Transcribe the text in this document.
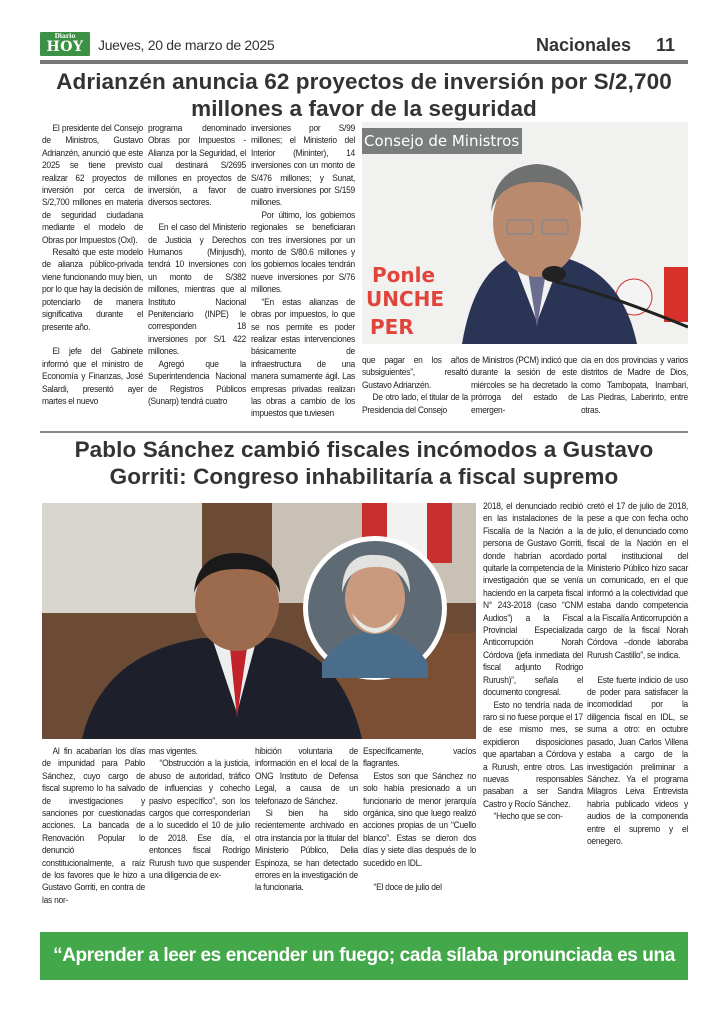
Diario
HOY	Jueves, 20 de marzo de 2025	Nacionales 11
Adrianzén anuncia 62 proyectos de inversión por S/2,700 millones a favor de la seguridad

El presidente del Consejo de Ministros, Gustavo Adrianzén, anunció que este 2025 se tiene previsto realizar 62 proyectos de inversión por cerca de S/2,700 millones en materia de seguridad ciudadana mediante el modelo de Obras por Impuestos (OxI).

Resaltó que este modelo de alianza público-privada viene funcionando muy bien, por lo que hay la decisión de potenciarlo de manera significativa durante el presente año.

El jefe del Gabinete informó que el ministro de Economía y Finanzas, José Salardi, presentó ayer martes el nuevo

programa denominado Obras por Impuestos - Alianza por la Seguridad, el cual destinará S/2695 millones en proyectos de inversión, a favor de diversos sectores.

En el caso del Ministerio de Justicia y Derechos Humanos (Minjusdh), tendrá 10 inversiones con un monto de S/382 millones, mientras que al Instituto Nacional Penitenciario (INPE) le corresponden 18 inversiones por S/1 422 millones.

Agregó que la Superintendencia Nacional de Registros Públicos (Sunarp) tendrá cuatro

inversiones por S/99 millones; el Ministerio del Interior (Mininter), 14 inversiones con un monto de S/476 millones; y Sunat, cuatro inversiones por S/159 millones.

Por último, los gobiernos regionales se beneficiaran con tres inversiones por un monto de S/80.6 millones y los gobiernos locales tendrán nueve inversiones por S/76 millones.

“En estas alianzas de obras por impuestos, lo que se nos permite es poder realizar estas intervenciones básicamente de infraestructura de una manera sumamente ágil. Las empresas privadas realizan las obras a cambio de los impuestos que tuviesen

Ponle
UNCHE
PER
Consejo de Ministros

que pagar en los años subsiguientes”, resaltó Gustavo Adrianzén.

De otro lado, el titular de la Presidencia del Consejo

de Ministros (PCM) indicó que durante la sesión de este miércoles se ha decretado la prórroga del estado de emergen-

cia en dos provincias y varios distritos de Madre de Dios, como Tambopata, Inambari, Las Piedras, Laberinto, entre otras.

Pablo Sánchez cambió fiscales incómodos a Gustavo Gorriti: Congreso inhabilitaría a fiscal supremo

2018, el denunciado recibió en las instalaciones de la Fiscalía de la Nación a la persona de Gustavo Gorriti, donde habrían acordado quitarle la competencia de la investigación que se venía haciendo en la carpeta fiscal N° 243-2018 (caso “CNM Audios”) a la Fiscal Provincial Especializada Anticorrupción Norah Córdova (jefa inmediata del fiscal adjunto Rodrigo Rurush)”, señala el documento congresal.

Esto no tendría nada de raro si no fuese porque el 17 de ese mismo mes, se expidieron disposiciones que apartaban a Córdova y a Rurush, entre otros. Las nuevas responsables pasaban a ser Sandra Castro y Rocío Sánchez.

“Hecho que se con-

cretó el 17 de julio de 2018, pese a que con fecha ocho de julio, el denunciado como fiscal de la Nación en el portal institucional del Ministerio Público hizo sacar un comunicado, en el que informó a la colectividad que estaba dando competencia a la Fiscalía Anticorrupción a cargo de la fiscal Norah Córdova –donde laboraba Rurush Castillo”, se indica.

Este fuerte indicio de uso de poder para satisfacer la incomodidad por la diligencia fiscal en IDL, se suma a otro: en octubre pasado, Juan Carlos Villena estaba a cargo de la investigación preliminar a Sánchez. Ya el programa Milagros Leiva Entrevista habría publicado videos y audios de la componenda entre el supremo y el oenegero.

Al fin acabarían los días de impunidad para Pablo Sánchez, cuyo cargo de fiscal supremo lo ha salvado de investigaciones y sanciones por cuestionadas acciones. La bancada de Renovación Popular lo denunció constitucionalmente, a raíz de los favores que le hizo a Gustavo Gorriti, en contra de las nor-

mas vigentes.

“Obstrucción a la justicia, abuso de autoridad, tráfico de influencias y cohecho pasivo específico”, son los cargos que corresponderían a lo sucedido el 10 de julio de 2018. Ese día, el entonces fiscal Rodrigo Rurush tuvo que suspender una diligencia de ex-

hibición voluntaria de información en el local de la ONG Instituto de Defensa Legal, a causa de un telefonazo de Sánchez.

Si bien ha sido recientemente archivado en otra instancia por la titular del Ministerio Público, Delia Espinoza, se han detectado errores en la investigación de la funcionaria.

Específicamente, vacíos flagrantes.

Estos son que Sánchez no solo había presionado a un funcionario de menor jerarquía orgánica, sino que luego realizó acciones propias de un “Cuello blanco”. Estas se dieron dos días y siete días después de lo sucedido en IDL.

“El doce de julio del

“Aprender a leer es encender un fuego; cada sílaba pronunciada es una chispa”.
